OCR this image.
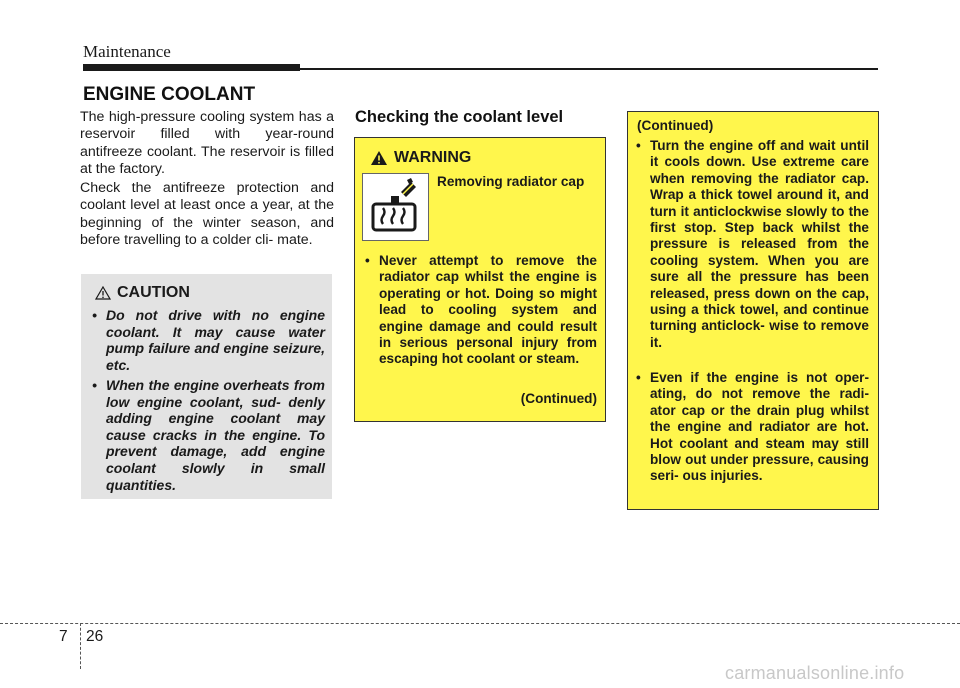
Maintenance
ENGINE COOLANT
The high-pressure cooling system has a reservoir filled with year-round antifreeze coolant. The reservoir is filled at the factory.
Check the antifreeze protection and coolant level at least once a year, at the beginning of the winter season, and before travelling to a colder cli- mate.
CAUTION
• Do not drive with no engine coolant. It may cause water pump failure and engine seizure, etc.
• When the engine overheats from low engine coolant, sud- denly adding engine coolant may cause cracks in the engine. To prevent damage, add engine coolant slowly in small quantities.
Checking the coolant level
WARNING
Removing radiator cap
• Never attempt to remove the radiator cap whilst the engine is operating or hot. Doing so might lead to cooling system and engine damage and could result in serious personal injury from escaping hot coolant or steam.
(Continued)
(Continued)
• Turn the engine off and wait until it cools down. Use extreme care when removing the radiator cap. Wrap a thick towel around it, and turn it anticlockwise slowly to the first stop. Step back whilst the pressure is released from the cooling system. When you are sure all the pressure has been released, press down on the cap, using a thick towel, and continue turning anticlock- wise to remove it.
• Even if the engine is not oper- ating, do not remove the radi- ator cap or the drain plug whilst the engine and radiator are hot. Hot coolant and steam may still blow out under pressure, causing seri- ous injuries.
7 26
carmanualsonline.info
